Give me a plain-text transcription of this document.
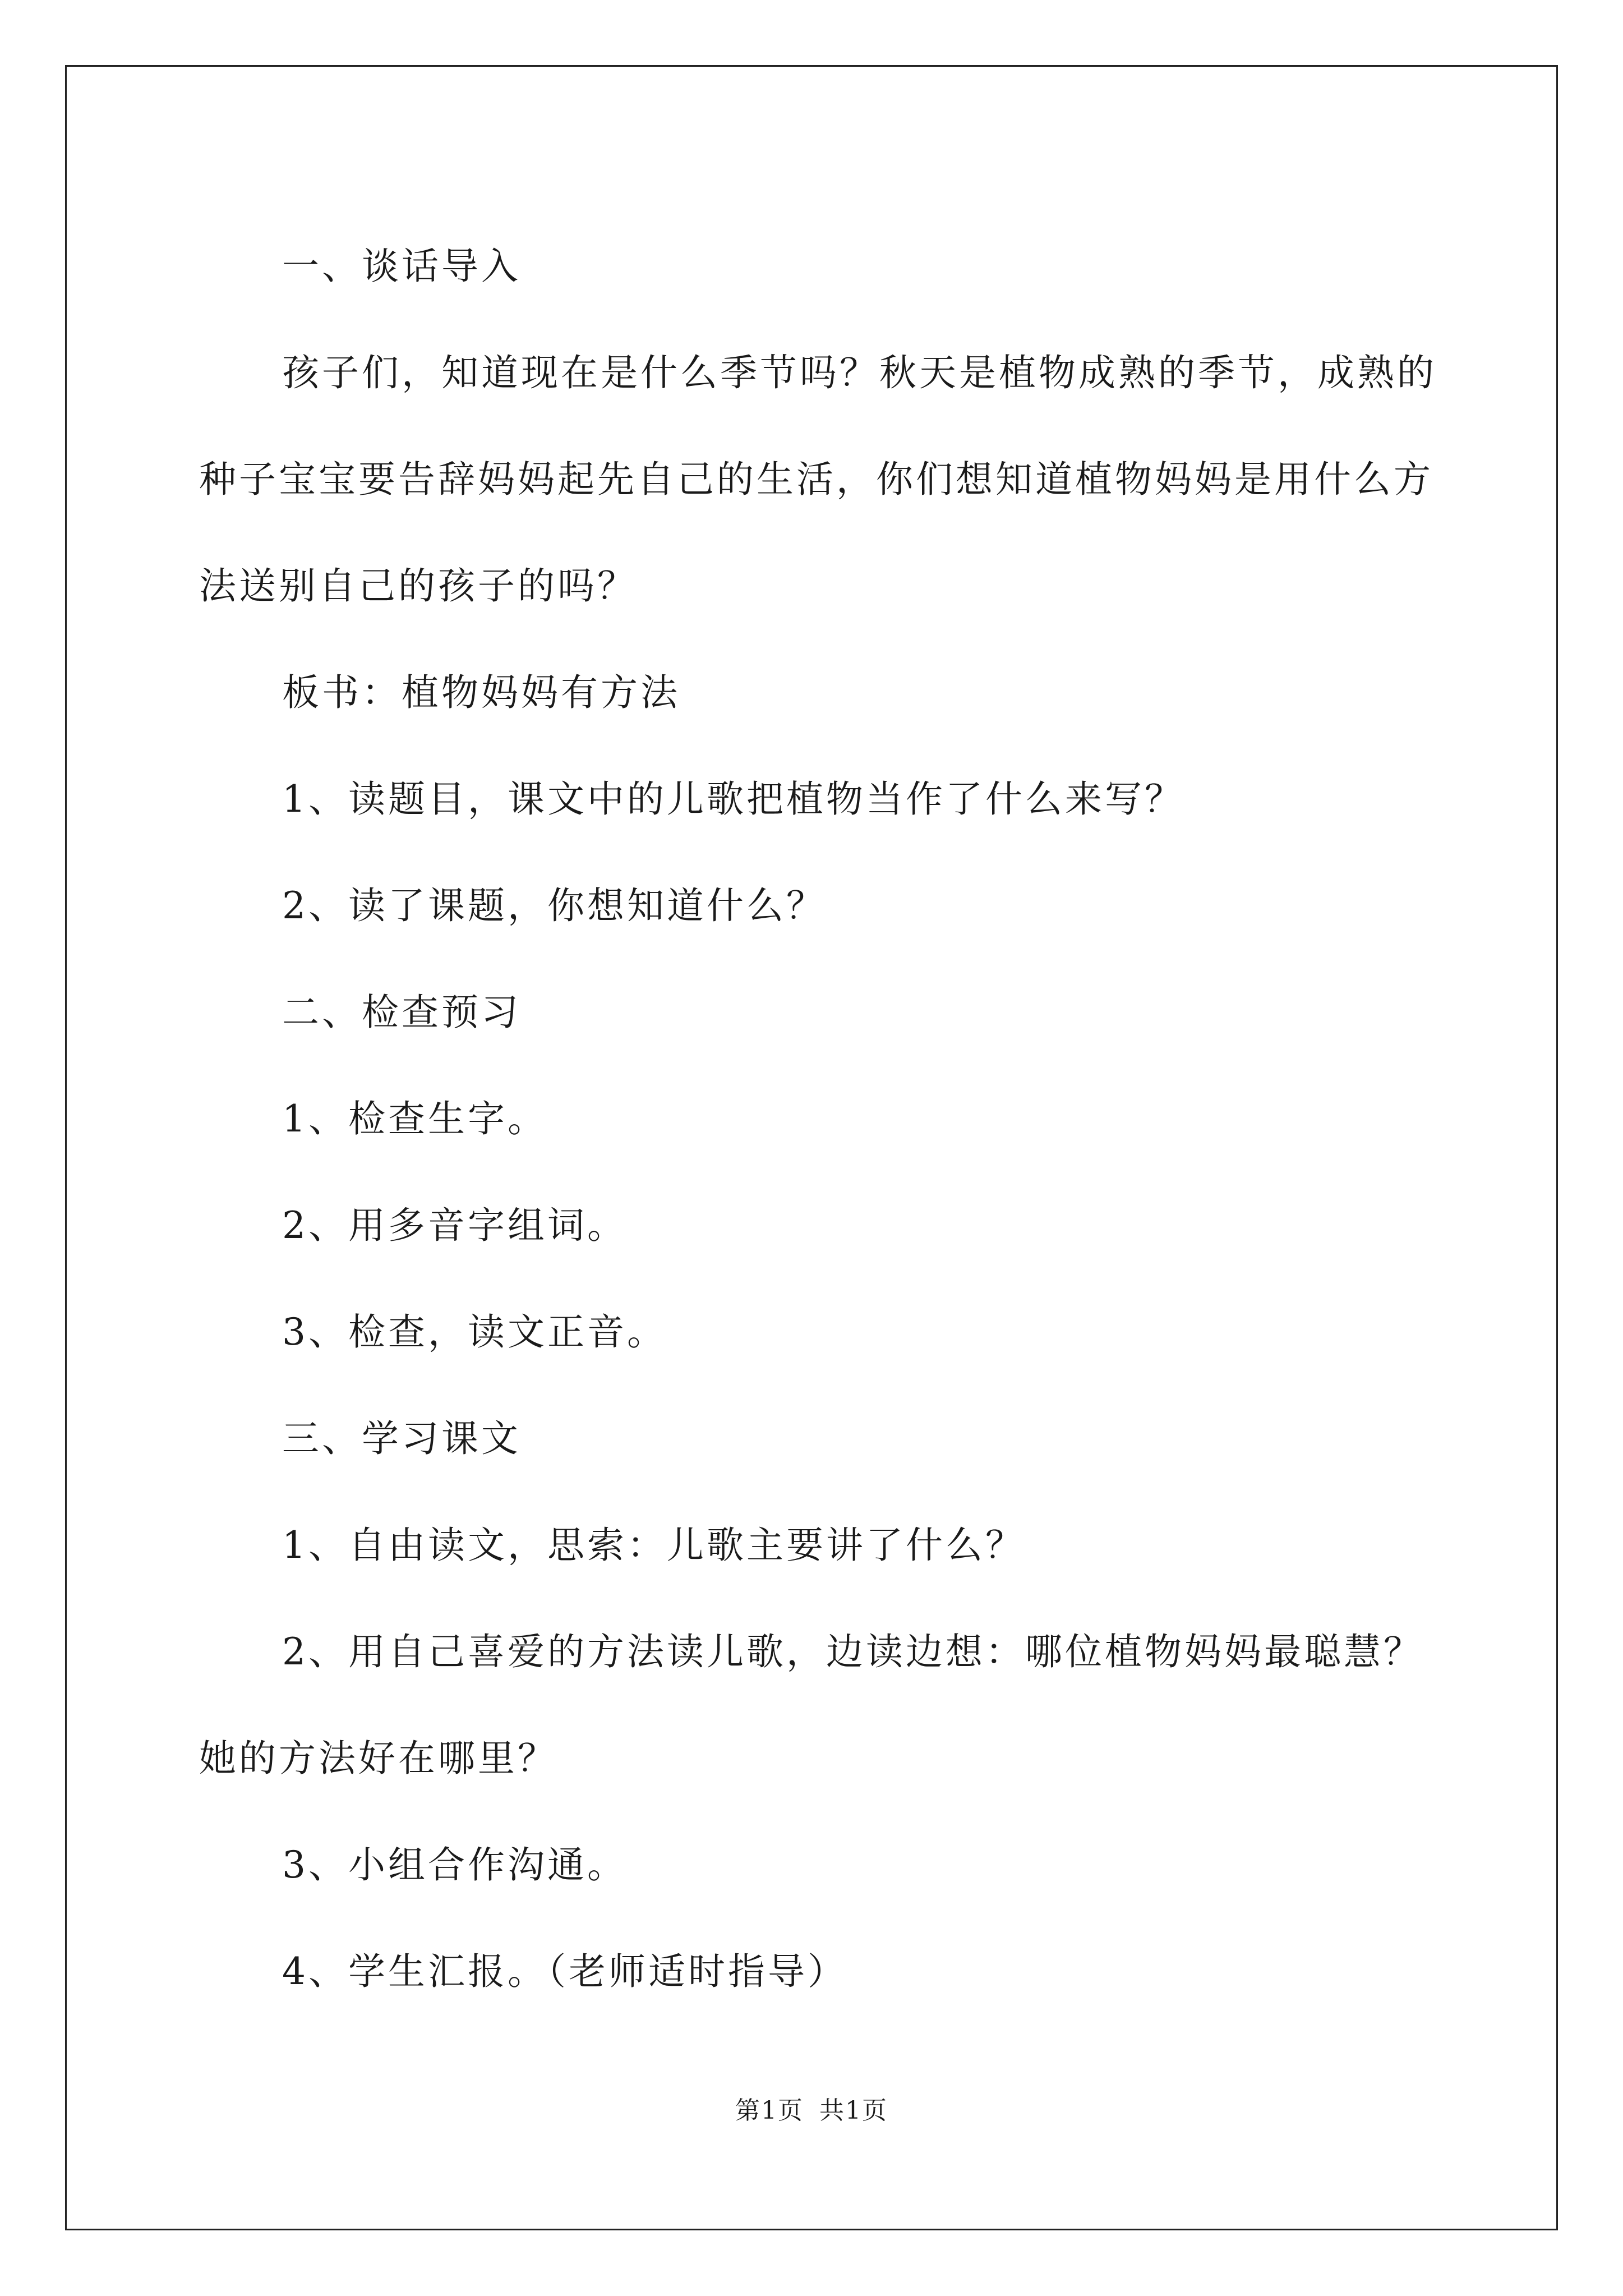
一、谈话导入

孩子们，知道现在是什么季节吗？秋天是植物成熟的季节，成熟的种子宝宝要告辞妈妈起先自己的生活，你们想知道植物妈妈是用什么方法送别自己的孩子的吗？

板书：植物妈妈有方法

1、读题目，课文中的儿歌把植物当作了什么来写？

2、读了课题，你想知道什么？

二、检查预习

1、检查生字。

2、用多音字组词。

3、检查，读文正音。

三、学习课文

1、自由读文，思索：儿歌主要讲了什么？

2、用自己喜爱的方法读儿歌，边读边想：哪位植物妈妈最聪慧？她的方法好在哪里？

3、小组合作沟通。

4、学生汇报。（老师适时指导）

第1页 共1页
